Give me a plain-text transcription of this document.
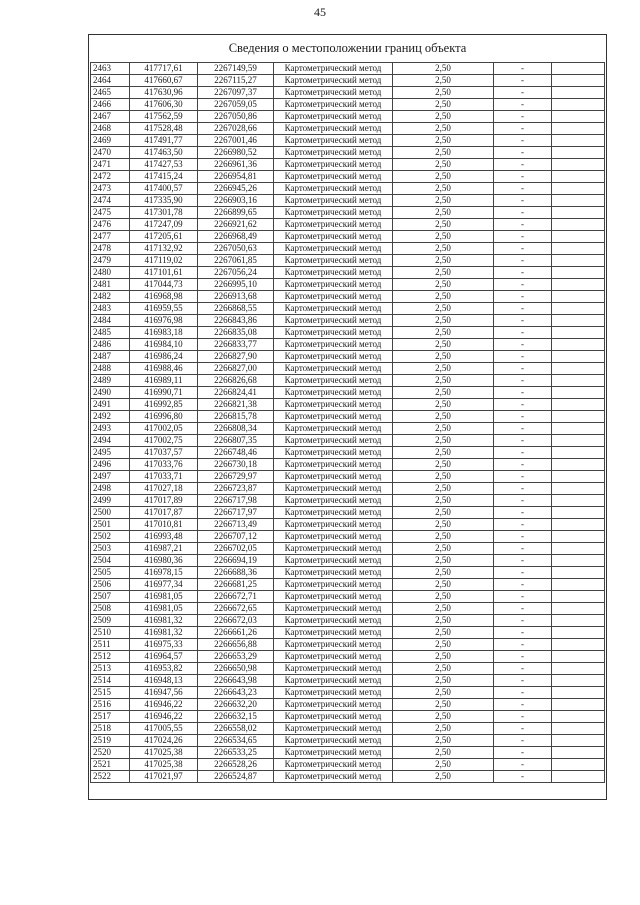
45
Сведения о местоположении границ объекта
2463	417717,61	2267149,59	Картометрический метод	2,50	-	
2464	417660,67	2267115,27	Картометрический метод	2,50	-	
2465	417630,96	2267097,37	Картометрический метод	2,50	-	
2466	417606,30	2267059,05	Картометрический метод	2,50	-	
2467	417562,59	2267050,86	Картометрический метод	2,50	-	
2468	417528,48	2267028,66	Картометрический метод	2,50	-	
2469	417491,77	2267001,46	Картометрический метод	2,50	-	
2470	417463,50	2266980,52	Картометрический метод	2,50	-	
2471	417427,53	2266961,36	Картометрический метод	2,50	-	
2472	417415,24	2266954,81	Картометрический метод	2,50	-	
2473	417400,57	2266945,26	Картометрический метод	2,50	-	
2474	417335,90	2266903,16	Картометрический метод	2,50	-	
2475	417301,78	2266899,65	Картометрический метод	2,50	-	
2476	417247,09	2266921,62	Картометрический метод	2,50	-	
2477	417205,61	2266968,49	Картометрический метод	2,50	-	
2478	417132,92	2267050,63	Картометрический метод	2,50	-	
2479	417119,02	2267061,85	Картометрический метод	2,50	-	
2480	417101,61	2267056,24	Картометрический метод	2,50	-	
2481	417044,73	2266995,10	Картометрический метод	2,50	-	
2482	416968,98	2266913,68	Картометрический метод	2,50	-	
2483	416959,55	2266868,55	Картометрический метод	2,50	-	
2484	416976,98	2266843,86	Картометрический метод	2,50	-	
2485	416983,18	2266835,08	Картометрический метод	2,50	-	
2486	416984,10	2266833,77	Картометрический метод	2,50	-	
2487	416986,24	2266827,90	Картометрический метод	2,50	-	
2488	416988,46	2266827,00	Картометрический метод	2,50	-	
2489	416989,11	2266826,68	Картометрический метод	2,50	-	
2490	416990,71	2266824,41	Картометрический метод	2,50	-	
2491	416992,85	2266821,38	Картометрический метод	2,50	-	
2492	416996,80	2266815,78	Картометрический метод	2,50	-	
2493	417002,05	2266808,34	Картометрический метод	2,50	-	
2494	417002,75	2266807,35	Картометрический метод	2,50	-	
2495	417037,57	2266748,46	Картометрический метод	2,50	-	
2496	417033,76	2266730,18	Картометрический метод	2,50	-	
2497	417033,71	2266729,97	Картометрический метод	2,50	-	
2498	417027,18	2266723,87	Картометрический метод	2,50	-	
2499	417017,89	2266717,98	Картометрический метод	2,50	-	
2500	417017,87	2266717,97	Картометрический метод	2,50	-	
2501	417010,81	2266713,49	Картометрический метод	2,50	-	
2502	416993,48	2266707,12	Картометрический метод	2,50	-	
2503	416987,21	2266702,05	Картометрический метод	2,50	-	
2504	416980,36	2266694,19	Картометрический метод	2,50	-	
2505	416978,15	2266688,36	Картометрический метод	2,50	-	
2506	416977,34	2266681,25	Картометрический метод	2,50	-	
2507	416981,05	2266672,71	Картометрический метод	2,50	-	
2508	416981,05	2266672,65	Картометрический метод	2,50	-	
2509	416981,32	2266672,03	Картометрический метод	2,50	-	
2510	416981,32	2266661,26	Картометрический метод	2,50	-	
2511	416975,33	2266656,88	Картометрический метод	2,50	-	
2512	416964,57	2266653,29	Картометрический метод	2,50	-	
2513	416953,82	2266650,98	Картометрический метод	2,50	-	
2514	416948,13	2266643,98	Картометрический метод	2,50	-	
2515	416947,56	2266643,23	Картометрический метод	2,50	-	
2516	416946,22	2266632,20	Картометрический метод	2,50	-	
2517	416946,22	2266632,15	Картометрический метод	2,50	-	
2518	417005,55	2266558,02	Картометрический метод	2,50	-	
2519	417024,26	2266534,65	Картометрический метод	2,50	-	
2520	417025,38	2266533,25	Картометрический метод	2,50	-	
2521	417025,38	2266528,26	Картометрический метод	2,50	-	
2522	417021,97	2266524,87	Картометрический метод	2,50	-	
